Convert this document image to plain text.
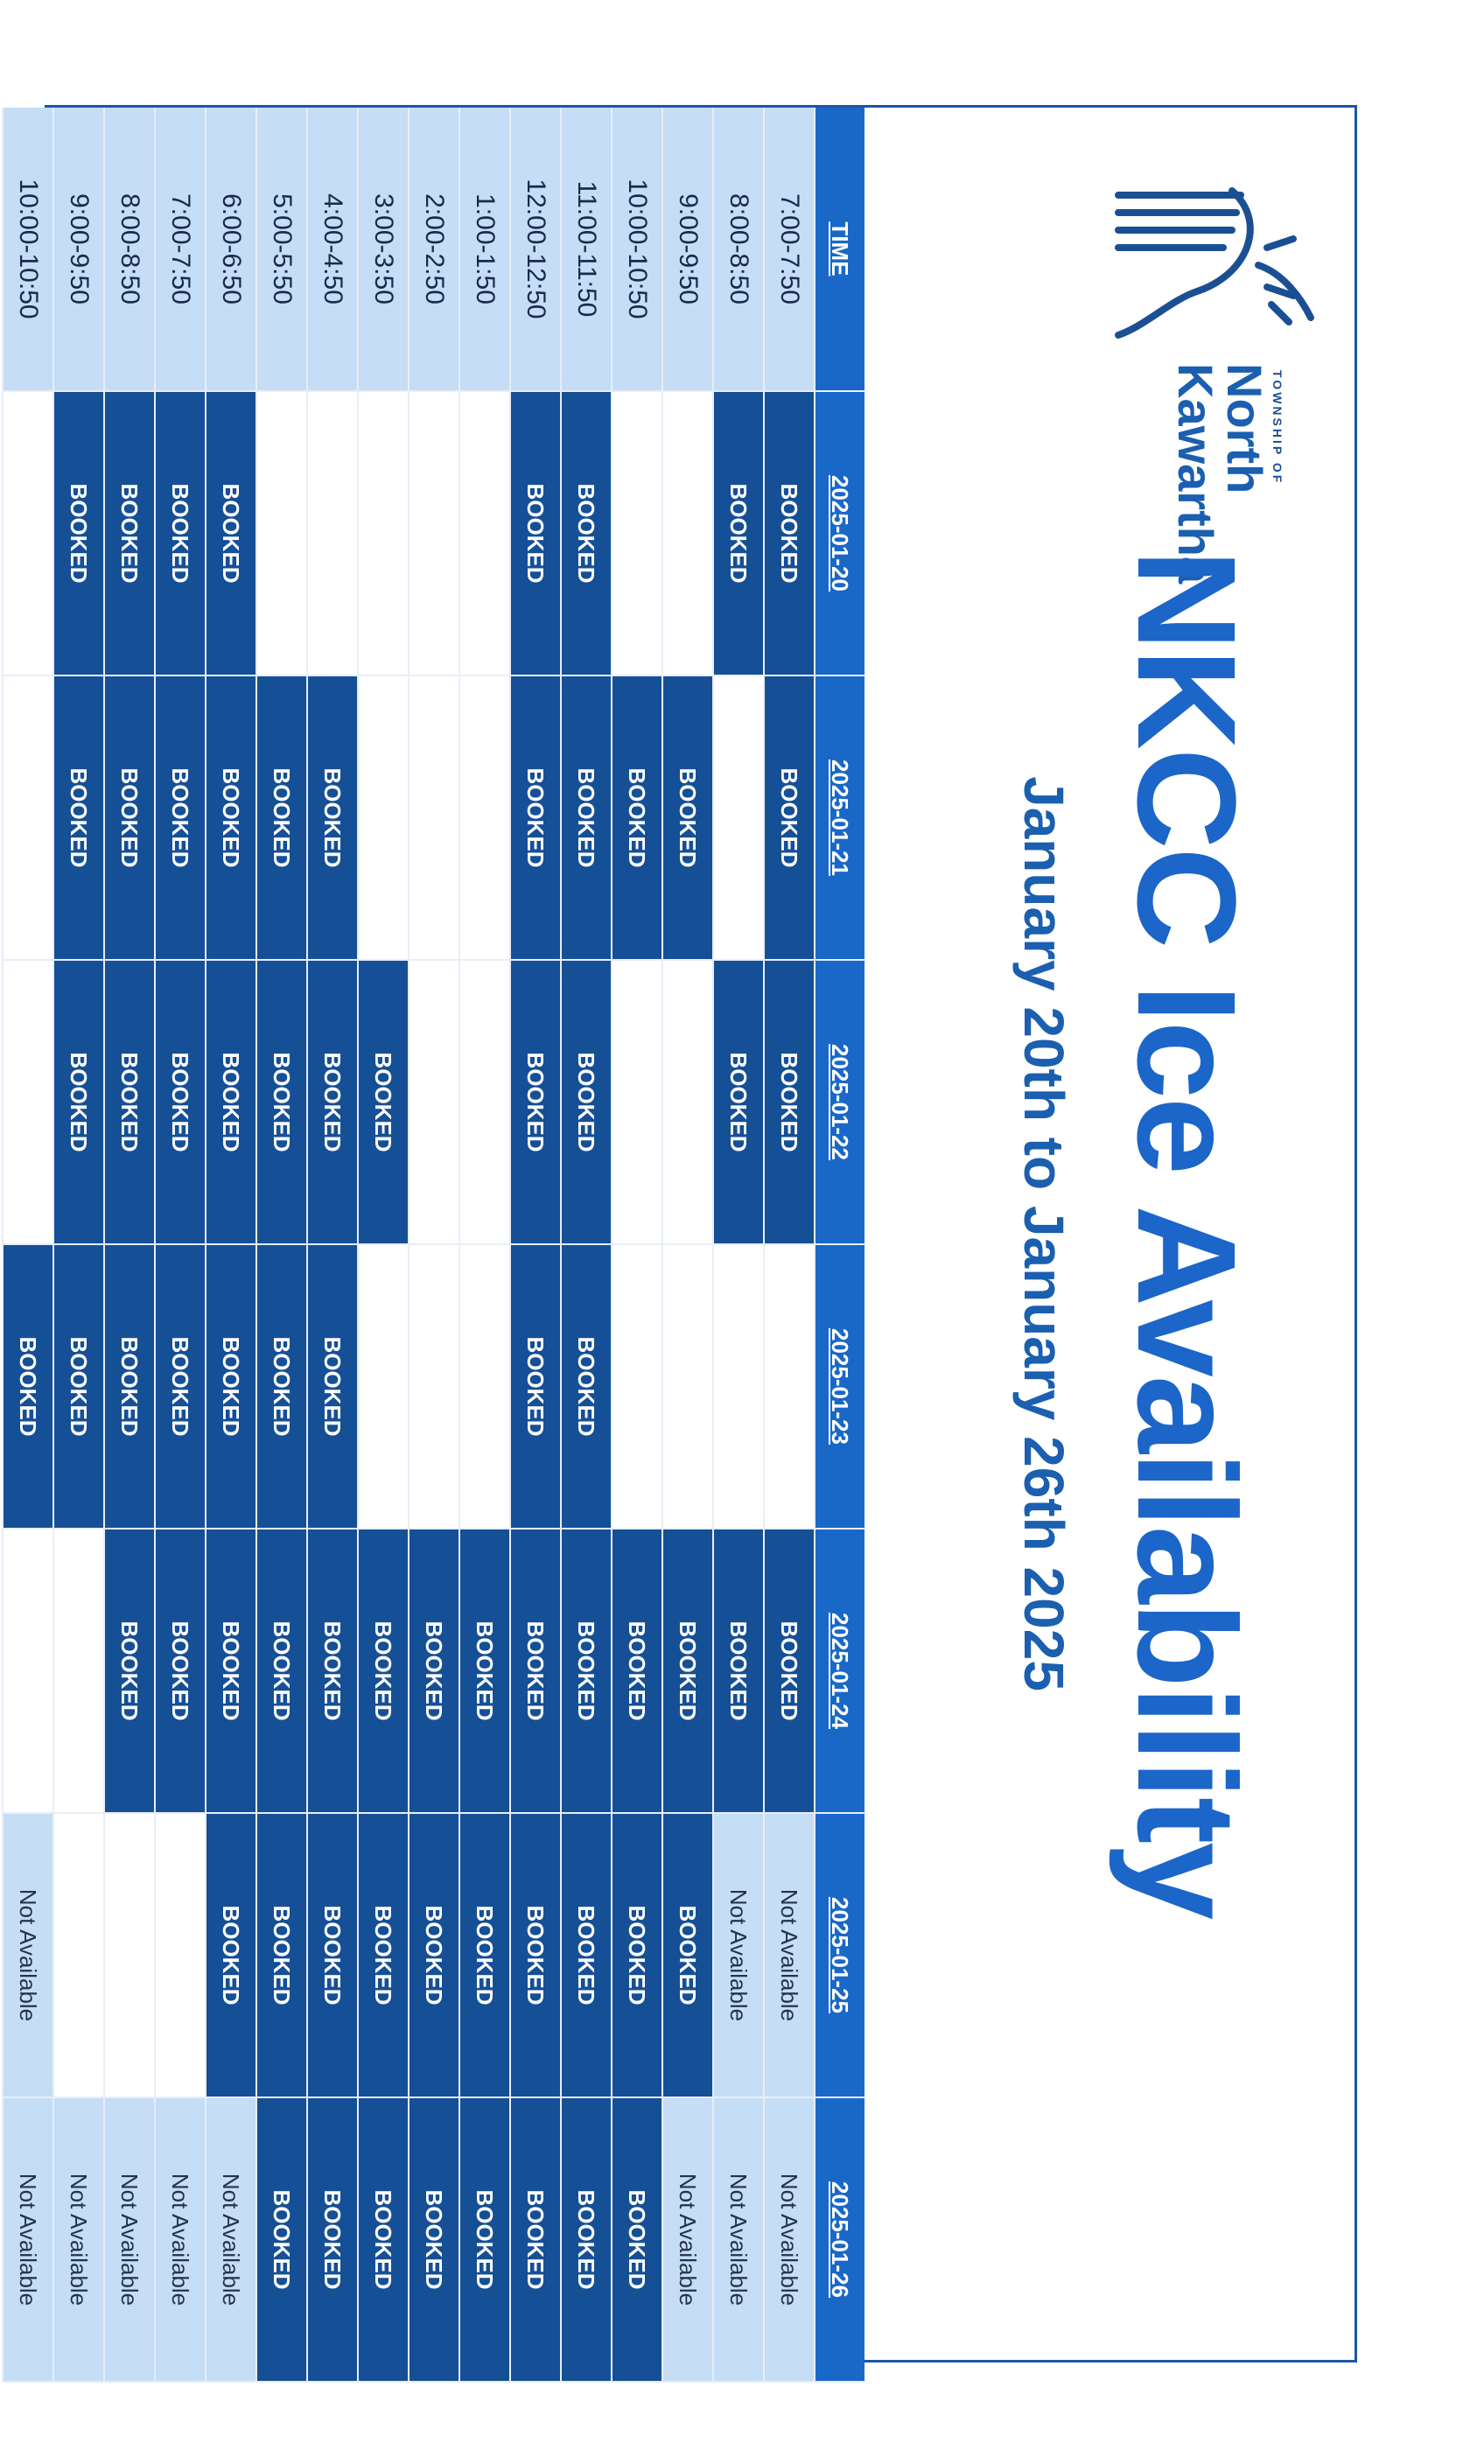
TOWNSHIP OF
North
Kawartha
NKCC Ice Availability
January 20th to January 26th 2025
TIME
2025-01-20
2025-01-21
2025-01-22
2025-01-23
2025-01-24
2025-01-25
2025-01-26
7:00-7:50
BOOKED
BOOKED
BOOKED
BOOKED
Not Available
Not Available
8:00-8:50
BOOKED
BOOKED
BOOKED
Not Available
Not Available
9:00-9:50
BOOKED
BOOKED
BOOKED
Not Available
10:00-10:50
BOOKED
BOOKED
BOOKED
BOOKED
11:00-11:50
BOOKED
BOOKED
BOOKED
BOOKED
BOOKED
BOOKED
BOOKED
12:00-12:50
BOOKED
BOOKED
BOOKED
BOOKED
BOOKED
BOOKED
BOOKED
1:00-1:50
BOOKED
BOOKED
BOOKED
2:00-2:50
BOOKED
BOOKED
BOOKED
3:00-3:50
BOOKED
BOOKED
BOOKED
BOOKED
4:00-4:50
BOOKED
BOOKED
BOOKED
BOOKED
BOOKED
BOOKED
5:00-5:50
BOOKED
BOOKED
BOOKED
BOOKED
BOOKED
BOOKED
6:00-6:50
BOOKED
BOOKED
BOOKED
BOOKED
BOOKED
BOOKED
Not Available
7:00-7:50
BOOKED
BOOKED
BOOKED
BOOKED
BOOKED
Not Available
8:00-8:50
BOOKED
BOOKED
BOOKED
BOOKED
BOOKED
Not Available
9:00-9:50
BOOKED
BOOKED
BOOKED
BOOKED
Not Available
10:00-10:50
BOOKED
Not Available
Not Available
